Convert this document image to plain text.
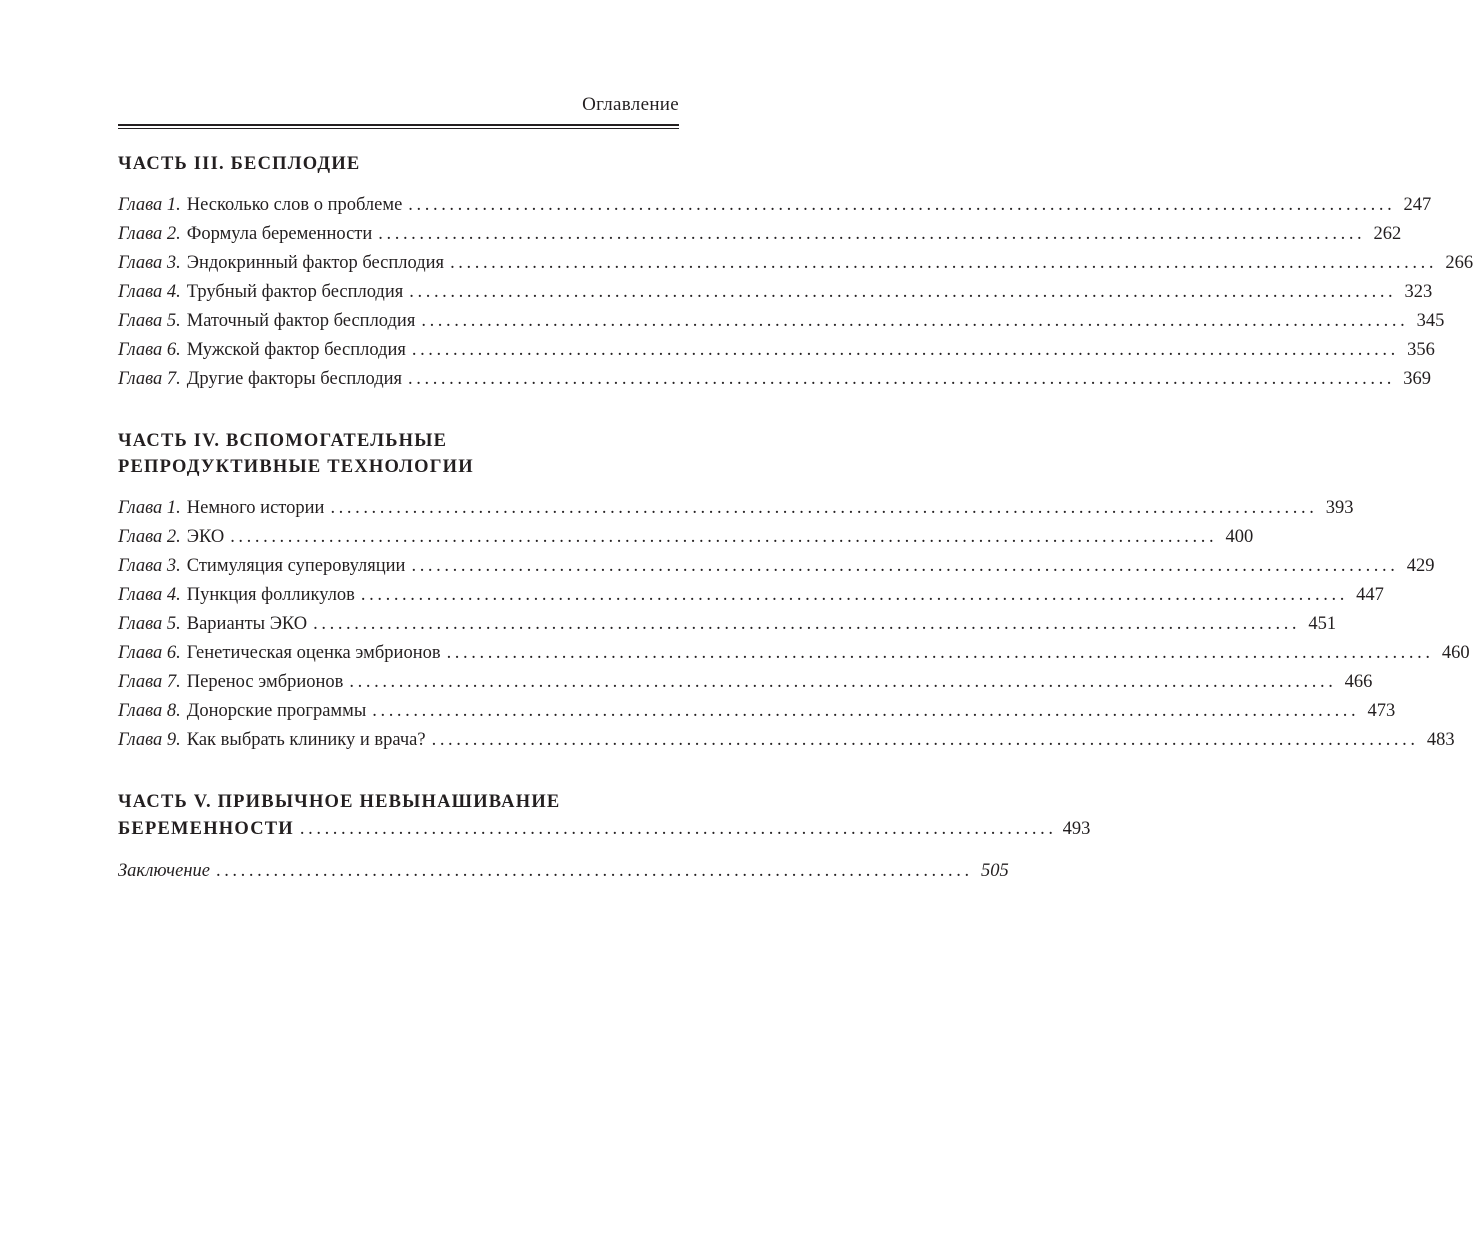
Оглавление
ЧАСТЬ III. БЕСПЛОДИЕ
Глава 1. Несколько слов о проблеме ........................................................................................................................ 247
Глава 2. Формула беременности ........................................................................................................................ 262
Глава 3. Эндокринный фактор бесплодия ........................................................................................................................ 266
Глава 4. Трубный фактор бесплодия ........................................................................................................................ 323
Глава 5. Маточный фактор бесплодия ........................................................................................................................ 345
Глава 6. Мужской фактор бесплодия ........................................................................................................................ 356
Глава 7. Другие факторы бесплодия ........................................................................................................................ 369
ЧАСТЬ IV. ВСПОМОГАТЕЛЬНЫЕ
РЕПРОДУКТИВНЫЕ ТЕХНОЛОГИИ
Глава 1. Немного истории ........................................................................................................................ 393
Глава 2. ЭКО ........................................................................................................................ 400
Глава 3. Стимуляция суперовуляции ........................................................................................................................ 429
Глава 4. Пункция фолликулов ........................................................................................................................ 447
Глава 5. Варианты ЭКО ........................................................................................................................ 451
Глава 6. Генетическая оценка эмбрионов ........................................................................................................................ 460
Глава 7. Перенос эмбрионов ........................................................................................................................ 466
Глава 8. Донорские программы ........................................................................................................................ 473
Глава 9. Как выбрать клинику и врача? ........................................................................................................................ 483
ЧАСТЬ V. ПРИВЫЧНОЕ НЕВЫНАШИВАНИЕ
БЕРЕМЕННОСТИ ............................................................................................ 493
Заключение ............................................................................................ 505
